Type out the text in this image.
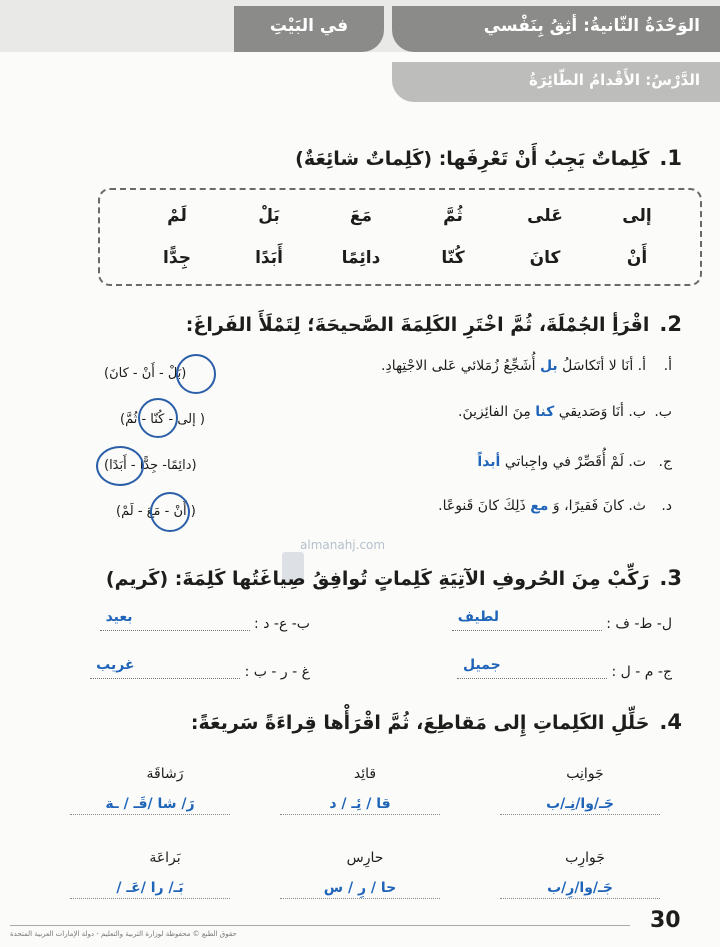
الوَحْدَةُ الثّانيةُ: أثِقُ بِنَفْسي
في البَيْتِ
الدَّرْسُ: الأَقْدامُ الطّائِرَةُ
1.
كَلِماتٌ يَجِبُ أَنْ تَعْرِفَها: (كَلِماتٌ شائِعَةٌ)
إلى
عَلى
ثُمَّ
مَعَ
بَلْ
لَمْ
أَنْ
كانَ
كُنّا
دائِمًا
أَبَدًا
جِدًّا
2.
اقْرَأِ الجُمْلَةَ، ثُمَّ اخْتَرِ الكَلِمَةَ الصَّحيحَةَ؛ لِتَمْلَأَ الفَراغَ:
أ.
أ. أنَا لا أتَكاسَلُ بل أُشَجِّعُ زُمَلائي عَلى الاجْتِهادِ.
(بَلْ - أَنْ - كانَ)
ب.
ب. أنَا وَصَديقي كنا مِنَ الفائِزينَ.
( إلى - كُنّا - ثُمَّ)
ج.
ت. لَمْ أُقَصِّرْ في واجِباتي أبداً
(دائِمًا- جِدًّا - أَبَدًا)
د.
ث. كانَ فَقيرًا، وَ مع ذَلِكَ كانَ قَنوعًا.
( أَنْ - مَعَ - لَمْ)
almanahj.com
3.
رَكِّبْ مِنَ الحُروفِ الآتِيَةِ كَلِماتٍ تُوافِقُ صِياغَتُها كَلِمَةَ: (كَريم)
ل- ط- ف :
لطيف
ب- ع- د :
بعيد
ج- م - ل :
جميل
غ - ر - ب :
غريب
4.
حَلِّلِ الكَلِماتِ إِلى مَقاطِعَ، ثُمَّ اقْرَأْها قِراءَةً سَريعَةً:
جَوانِب
جَـ/وا/نِـ/ب
قائِد
قا / ئِـ / د
رَشاقَة
رَ/ شا /قَـ / ـة
جَوارِب
جَـ/وا/رِ/ب
حارِس
حا / رِ / س
بَراعَة
بَـ/ را /عَـ /
حقوق الطبع © محفوظة لوزارة التربية والتعليم - دولة الإمارات العربية المتحدة
30
